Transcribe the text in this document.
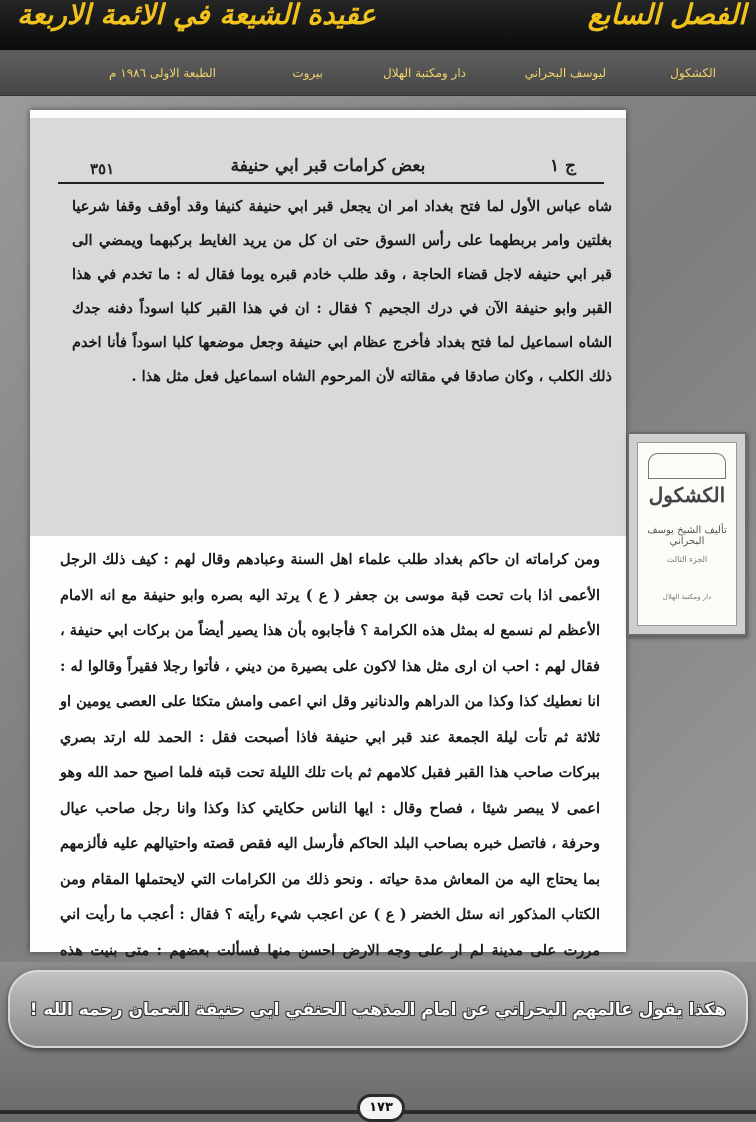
الفصل السابع
عقيدة الشيعة في الائمة الاربعة
الكشكول
ليوسف البحراني
دار ومكتبة الهلال
بيروت
الطبعة الاولى ١٩٨٦ م
٣٥١	بعض كرامات قبر ابي حنيفة	ج ١
شاه عباس الأول لما فتح بغداد امر ان يجعل قبر ابي حنيفة كنيفا وقد أوقف وقفا شرعيا بغلتين وامر بربطهما على رأس السوق حتى ان كل من يريد الغايط بركبهما ويمضي الى قبر ابي حنيفه لاجل قضاء الحاجة ، وقد طلب خادم قبره يوما فقال له : ما تخدم في هذا القبر وابو حنيفة الآن في درك الجحيم ؟ فقال : ان في هذا القبر كلبا اسوداً دفنه جدك الشاه اسماعيل لما فتح بغداد فأخرج عظام ابي حنيفة وجعل موضعها كلبا اسوداً فأنا اخدم ذلك الكلب ، وكان صادقا في مقالته لأن المرحوم الشاه اسماعيل فعل مثل هذا .
ومن كراماته ان حاكم بغداد طلب علماء اهل السنة وعبادهم وقال لهم : كيف ذلك الرجل الأعمى اذا بات تحت قبة موسى بن جعفر ( ع ) يرتد اليه بصره وابو حنيفة مع انه الامام الأعظم لم نسمع له بمثل هذه الكرامة ؟ فأجابوه بأن هذا يصير أيضاً من بركات ابي حنيفة ، فقال لهم : احب ان ارى مثل هذا لاكون على بصيرة من ديني ، فأتوا رجلا فقيراً وقالوا له : انا نعطيك كذا وكذا من الدراهم والدنانير وقل اني اعمى وامش متكئا على العصى يومين او ثلاثة ثم تأت ليلة الجمعة عند قبر ابي حنيفة فاذا أصبحت فقل : الحمد لله ارتد بصري ببركات صاحب هذا القبر فقبل كلامهم ثم بات تلك الليلة تحت قبته فلما اصبح حمد الله وهو اعمى لا يبصر شيئا ، فصاح وقال : ايها الناس حكايتي كذا وكذا وانا رجل صاحب عيال وحرفة ، فاتصل خبره بصاحب البلد الحاكم فأرسل اليه فقص قصته واحتيالهم عليه فألزمهم بما يحتاج اليه من المعاش مدة حياته . ونحو ذلك من الكرامات التي لايحتملها المقام ومن الكتاب المذكور انه سئل الخضر ( ع ) عن اعجب شيء رأيته ؟ فقال : أعجب ما رأيت اني مررت على مدينة لم ار على وجه الارض احسن منها فسألت بعضهم : متى بنيت هذه
الكشكول
تأليف الشيخ يوسف البحراني
الجزء الثالث
دار ومكتبة الهلال
هكذا يقول عالمهم البحراني عن امام المذهب الحنفي ابي حنيفة النعمان رحمه الله !
١٧٣
